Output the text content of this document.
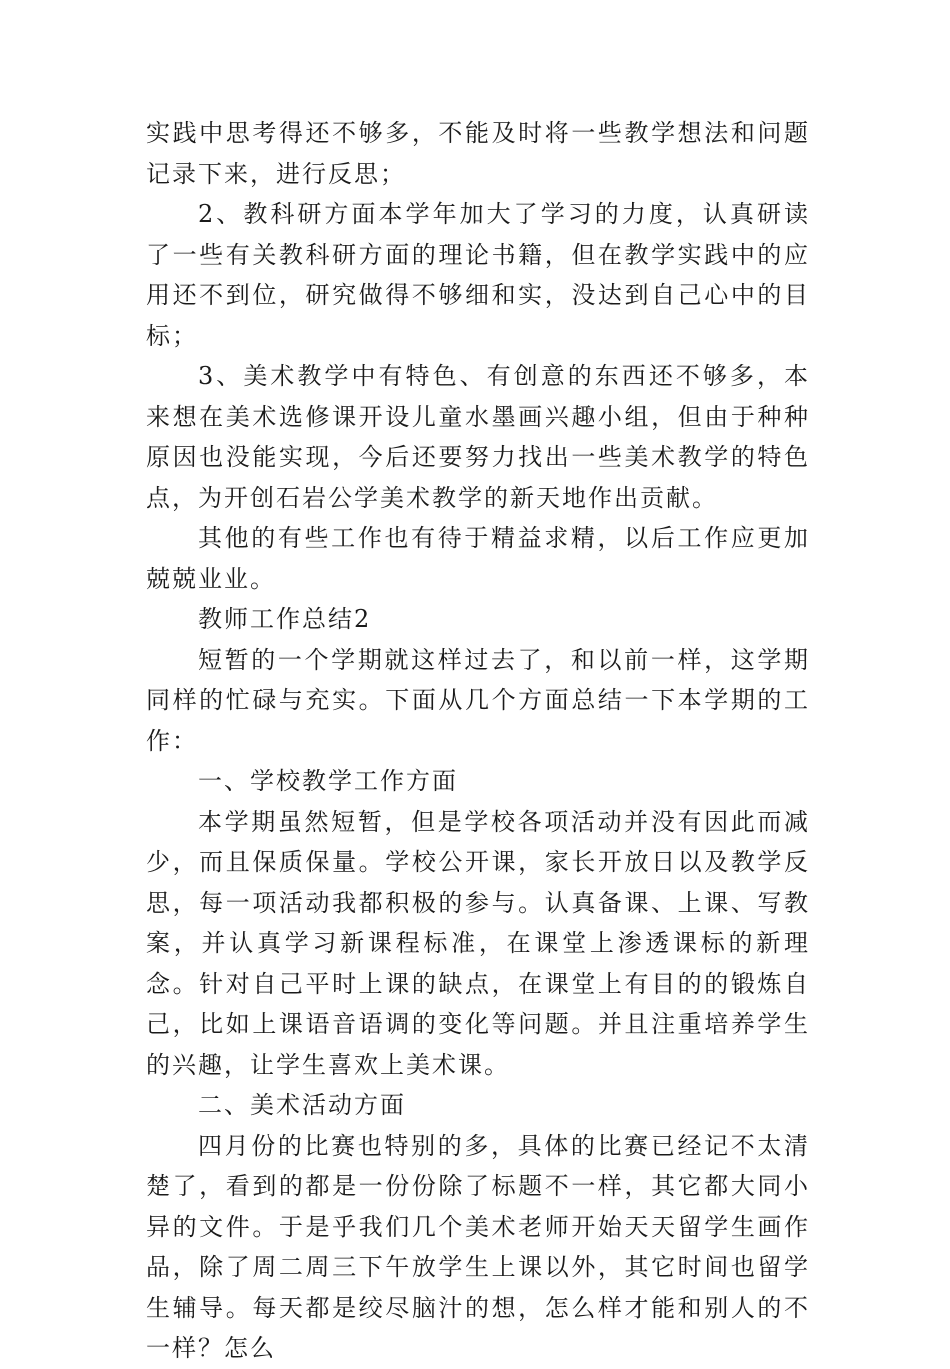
实践中思考得还不够多，不能及时将一些教学想法和问题记录下来，进行反思；

2、教科研方面本学年加大了学习的力度，认真研读了一些有关教科研方面的理论书籍，但在教学实践中的应用还不到位，研究做得不够细和实，没达到自己心中的目标；

3、美术教学中有特色、有创意的东西还不够多，本来想在美术选修课开设儿童水墨画兴趣小组，但由于种种原因也没能实现，今后还要努力找出一些美术教学的特色点，为开创石岩公学美术教学的新天地作出贡献。

其他的有些工作也有待于精益求精，以后工作应更加兢兢业业。

教师工作总结2

短暂的一个学期就这样过去了，和以前一样，这学期同样的忙碌与充实。下面从几个方面总结一下本学期的工作：

一、学校教学工作方面

本学期虽然短暂，但是学校各项活动并没有因此而减少，而且保质保量。学校公开课，家长开放日以及教学反思，每一项活动我都积极的参与。认真备课、上课、写教案，并认真学习新课程标准，在课堂上渗透课标的新理念。针对自己平时上课的缺点，在课堂上有目的的锻炼自己，比如上课语音语调的变化等问题。并且注重培养学生的兴趣，让学生喜欢上美术课。

二、美术活动方面

四月份的比赛也特别的多，具体的比赛已经记不太清楚了，看到的都是一份份除了标题不一样，其它都大同小异的文件。于是乎我们几个美术老师开始天天留学生画作品，除了周二周三下午放学生上课以外，其它时间也留学生辅导。每天都是绞尽脑汁的想，怎么样才能和别人的不一样？怎么
